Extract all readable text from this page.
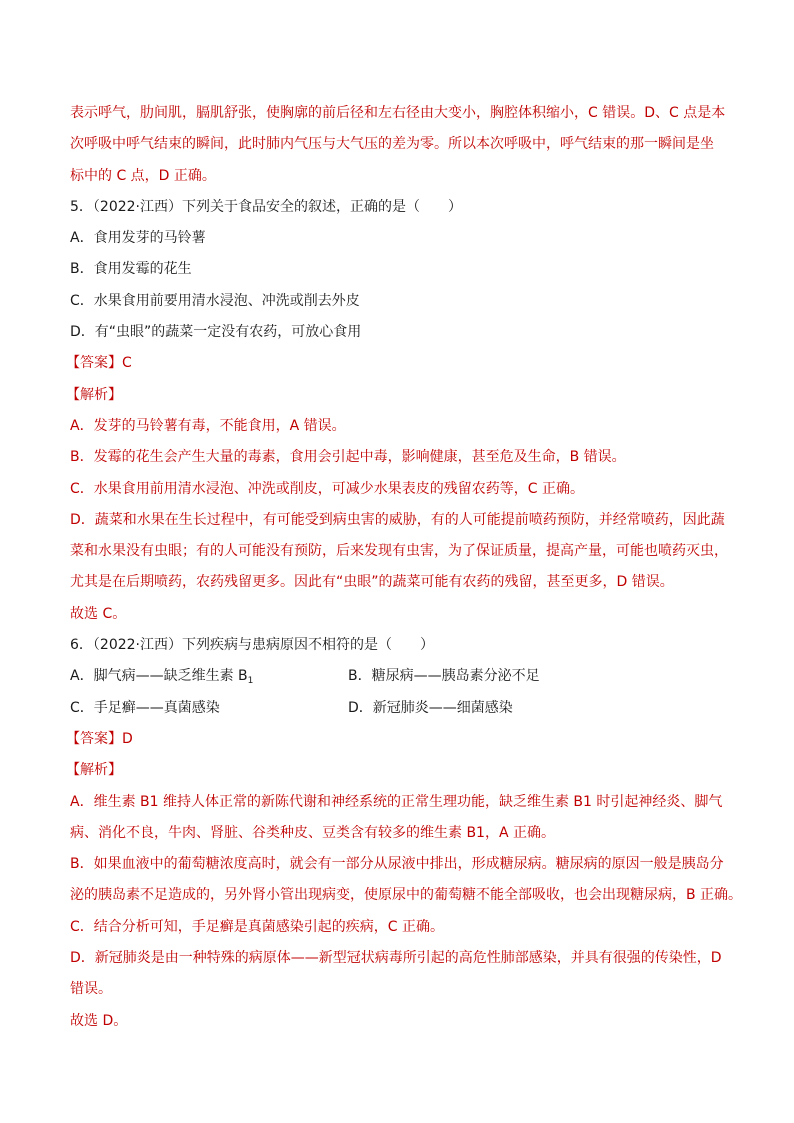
表示呼气，肋间肌，膈肌舒张，使胸廓的前后径和左右径由大变小，胸腔体积缩小，C 错误。D、C 点是本
次呼吸中呼气结束的瞬间，此时肺内气压与大气压的差为零。所以本次呼吸中，呼气结束的那一瞬间是坐
标中的 C 点，D 正确。
5．（2022·江西）下列关于食品安全的叙述，正确的是（　　）
A．食用发芽的马铃薯
B．食用发霉的花生
C．水果食用前要用清水浸泡、冲洗或削去外皮
D．有“虫眼”的蔬菜一定没有农药，可放心食用
【答案】C
【解析】
A．发芽的马铃薯有毒，不能食用，A 错误。
B．发霉的花生会产生大量的毒素，食用会引起中毒，影响健康，甚至危及生命，B 错误。
C．水果食用前用清水浸泡、冲洗或削皮，可减少水果表皮的残留农药等，C 正确。
D．蔬菜和水果在生长过程中，有可能受到病虫害的威胁，有的人可能提前喷药预防，并经常喷药，因此蔬
菜和水果没有虫眼；有的人可能没有预防，后来发现有虫害，为了保证质量，提高产量，可能也喷药灭虫，
尤其是在后期喷药，农药残留更多。因此有“虫眼”的蔬菜可能有农药的残留，甚至更多，D 错误。
故选 C。
6．（2022·江西）下列疾病与患病原因不相符的是（　　）
A．脚气病——缺乏维生素 $B_1$	B．糖尿病——胰岛素分泌不足
C．手足癣——真菌感染	D．新冠肺炎——细菌感染
【答案】D
【解析】
A．维生素 B1 维持人体正常的新陈代谢和神经系统的正常生理功能，缺乏维生素 B1 时引起神经炎、脚气
病、消化不良，牛肉、肾脏、谷类种皮、豆类含有较多的维生素 B1，A 正确。
B．如果血液中的葡萄糖浓度高时，就会有一部分从尿液中排出，形成糖尿病。糖尿病的原因一般是胰岛分
泌的胰岛素不足造成的，另外肾小管出现病变，使原尿中的葡萄糖不能全部吸收，也会出现糖尿病，B 正确。
C．结合分析可知，手足癣是真菌感染引起的疾病，C 正确。
D．新冠肺炎是由一种特殊的病原体——新型冠状病毒所引起的高危性肺部感染，并具有很强的传染性，D
错误。
故选 D。
